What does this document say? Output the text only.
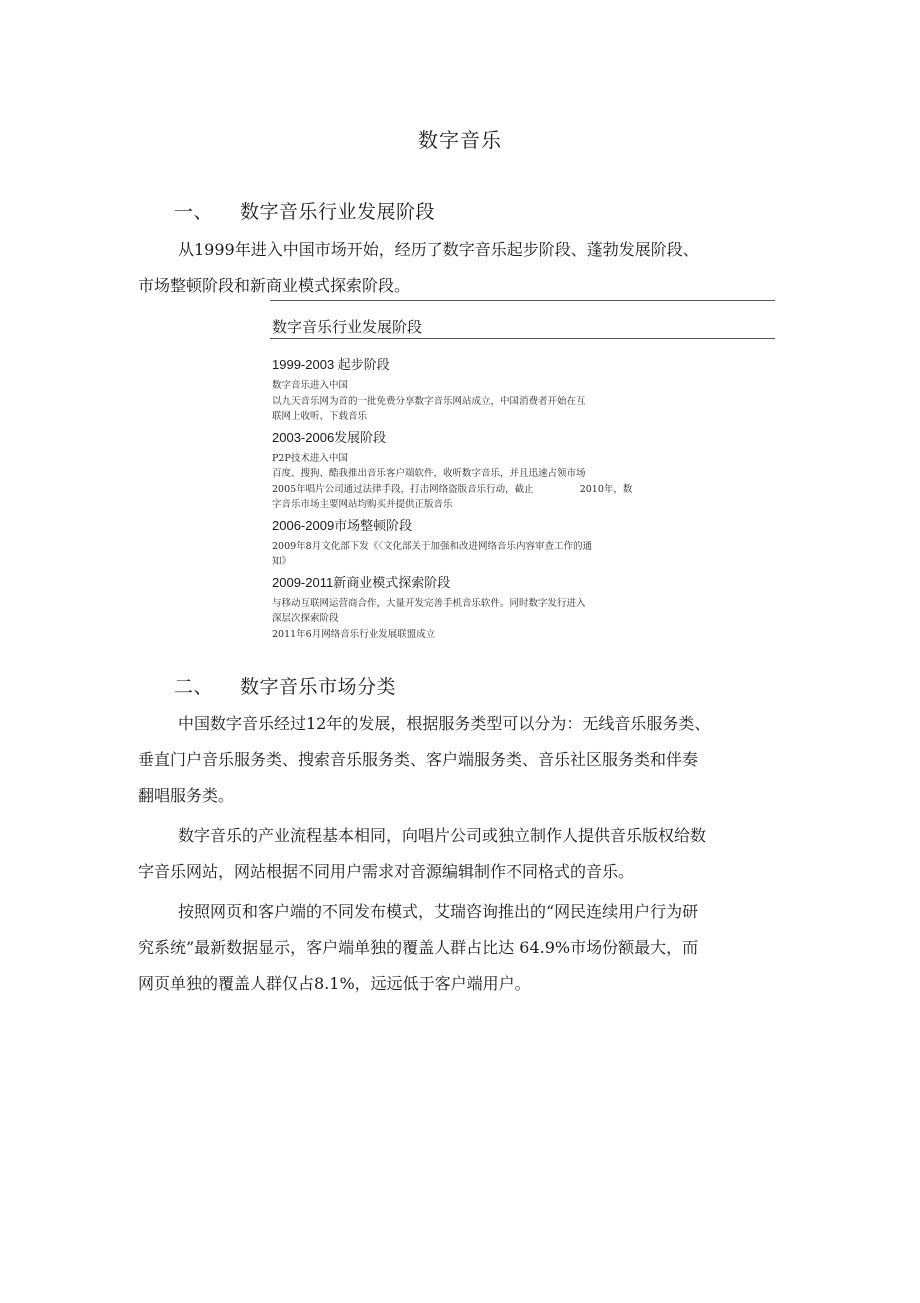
数字音乐
一、 数字音乐行业发展阶段
从1999年进入中国市场开始，经历了数字音乐起步阶段、蓬勃发展阶段、
市场整顿阶段和新商业模式探索阶段。
数字音乐行业发展阶段
1999-2003 起步阶段
数字音乐进入中国
以九天音乐网为首的一批免费分享数字音乐网站成立，中国消费者开始在互
联网上收听、下载音乐
2003-2006发展阶段
P2P技术进入中国
百度、搜狗、酷我推出音乐客户端软件，收听数字音乐，并且迅速占领市场
2005年唱片公司通过法律手段，打击网络盗版音乐行动，截止	2010年，数
字音乐市场主要网站均购买并提供正版音乐
2006-2009市场整顿阶段
2009年8月文化部下发《〈文化部关于加强和改进网络音乐内容审查工作的通
知》
2009-2011新商业模式探索阶段
与移动互联网运营商合作，大量开发完善手机音乐软件。同时数字发行进入
深层次探索阶段
2011年6月网络音乐行业发展联盟成立
二、 数字音乐市场分类
中国数字音乐经过12年的发展，根据服务类型可以分为：无线音乐服务类、
垂直门户音乐服务类、搜索音乐服务类、客户端服务类、音乐社区服务类和伴奏
翻唱服务类。
数字音乐的产业流程基本相同，向唱片公司或独立制作人提供音乐版权给数
字音乐网站，网站根据不同用户需求对音源编辑制作不同格式的音乐。
按照网页和客户端的不同发布模式，艾瑞咨询推出的“网民连续用户行为研
究系统”最新数据显示，客户端单独的覆盖人群占比达 64.9%市场份额最大，而
网页单独的覆盖人群仅占8.1%，远远低于客户端用户。
